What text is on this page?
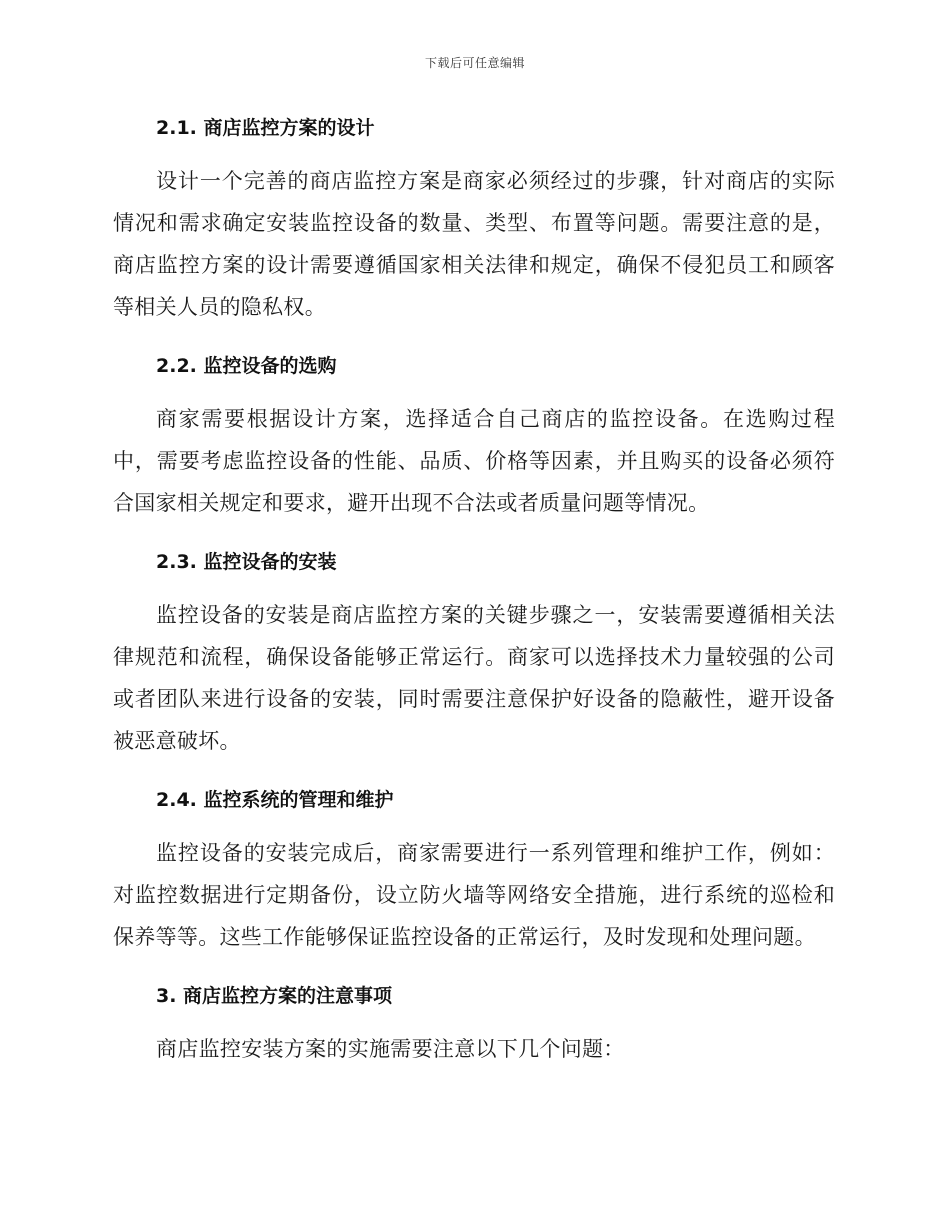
下载后可任意编辑
2.1. 商店监控方案的设计

设计一个完善的商店监控方案是商家必须经过的步骤，针对商店的实际情况和需求确定安装监控设备的数量、类型、布置等问题。需要注意的是，商店监控方案的设计需要遵循国家相关法律和规定，确保不侵犯员工和顾客等相关人员的隐私权。

2.2. 监控设备的选购

商家需要根据设计方案，选择适合自己商店的监控设备。在选购过程中，需要考虑监控设备的性能、品质、价格等因素，并且购买的设备必须符合国家相关规定和要求，避开出现不合法或者质量问题等情况。

2.3. 监控设备的安装

监控设备的安装是商店监控方案的关键步骤之一，安装需要遵循相关法律规范和流程，确保设备能够正常运行。商家可以选择技术力量较强的公司或者团队来进行设备的安装，同时需要注意保护好设备的隐蔽性，避开设备被恶意破坏。

2.4. 监控系统的管理和维护

监控设备的安装完成后，商家需要进行一系列管理和维护工作，例如：对监控数据进行定期备份，设立防火墙等网络安全措施，进行系统的巡检和保养等等。这些工作能够保证监控设备的正常运行，及时发现和处理问题。

3. 商店监控方案的注意事项

商店监控安装方案的实施需要注意以下几个问题：
